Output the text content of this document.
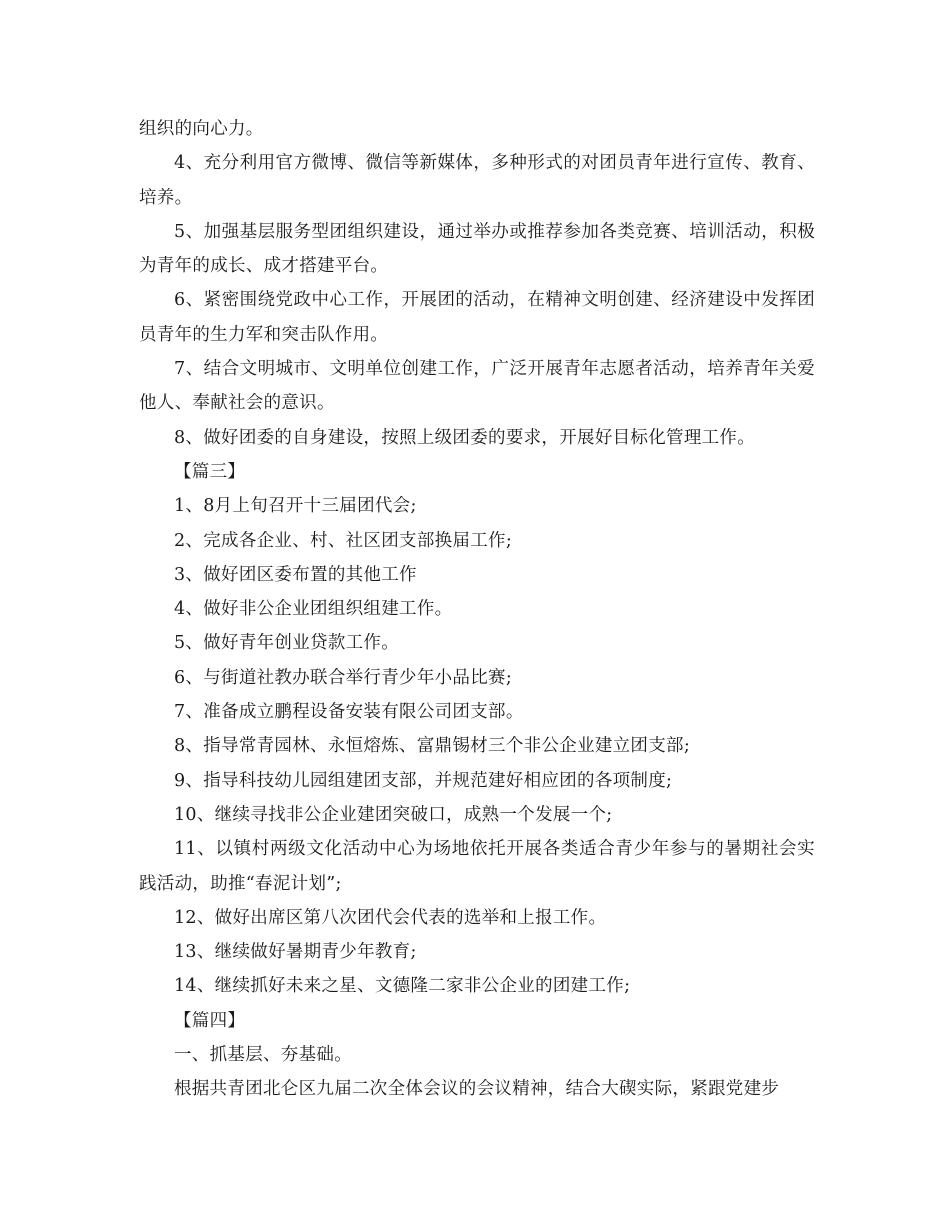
组织的向心力。

4、充分利用官方微博、微信等新媒体，多种形式的对团员青年进行宣传、教育、培养。

5、加强基层服务型团组织建设，通过举办或推荐参加各类竞赛、培训活动，积极为青年的成长、成才搭建平台。

6、紧密围绕党政中心工作，开展团的活动，在精神文明创建、经济建设中发挥团员青年的生力军和突击队作用。

7、结合文明城市、文明单位创建工作，广泛开展青年志愿者活动，培养青年关爱他人、奉献社会的意识。

8、做好团委的自身建设，按照上级团委的要求，开展好目标化管理工作。

【篇三】

1、8月上旬召开十三届团代会;

2、完成各企业、村、社区团支部换届工作;

3、做好团区委布置的其他工作

4、做好非公企业团组织组建工作。

5、做好青年创业贷款工作。

6、与街道社教办联合举行青少年小品比赛;

7、准备成立鹏程设备安装有限公司团支部。

8、指导常青园林、永恒熔炼、富鼎锡材三个非公企业建立团支部;

9、指导科技幼儿园组建团支部，并规范建好相应团的各项制度;

10、继续寻找非公企业建团突破口，成熟一个发展一个;

11、以镇村两级文化活动中心为场地依托开展各类适合青少年参与的暑期社会实践活动，助推“春泥计划”;

12、做好出席区第八次团代会代表的选举和上报工作。

13、继续做好暑期青少年教育;

14、继续抓好未来之星、文德隆二家非公企业的团建工作;

【篇四】

一、抓基层、夯基础。

根据共青团北仑区九届二次全体会议的会议精神，结合大碶实际，紧跟党建步
